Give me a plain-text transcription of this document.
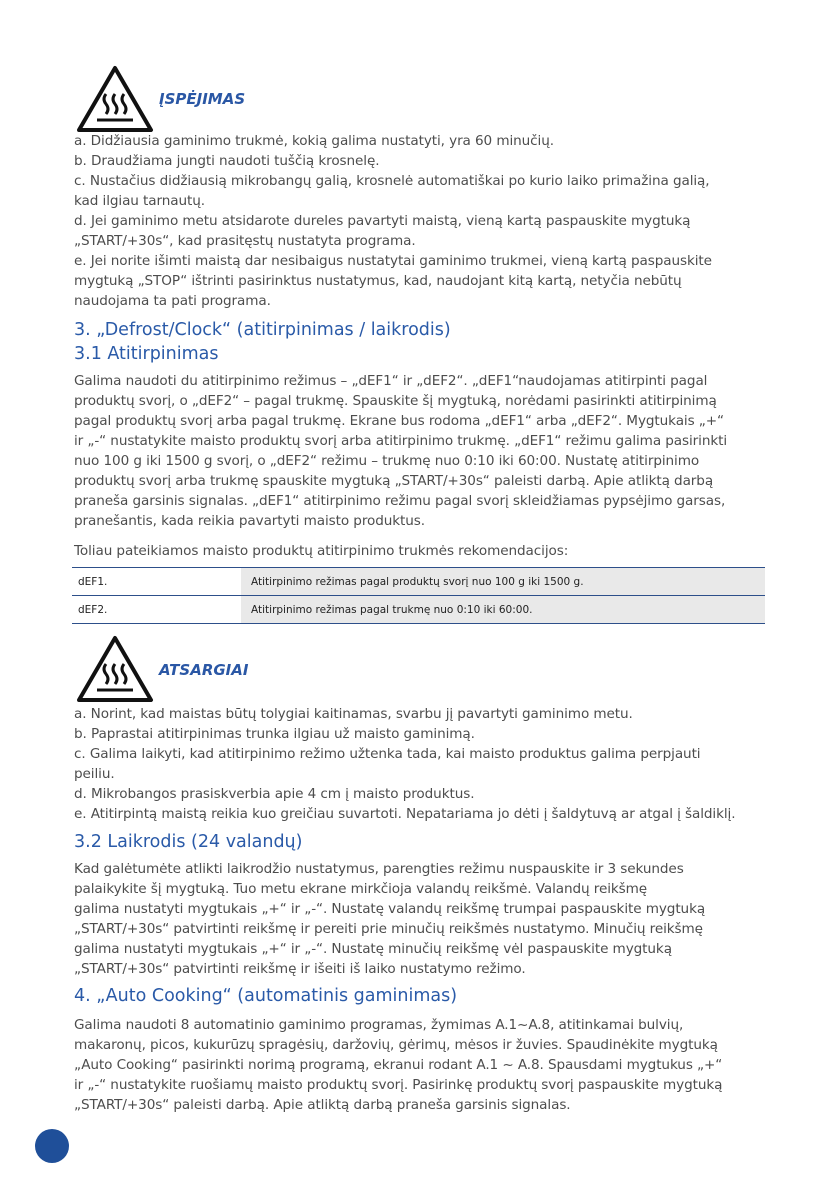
ĮSPĖJIMAS
a. Didžiausia gaminimo trukmė, kokią galima nustatyti, yra 60 minučių.
b. Draudžiama jungti naudoti tuščią krosnelę.
c. Nustačius didžiausią mikrobangų galią, krosnelė automatiškai po kurio laiko primažina galią,
kad ilgiau tarnautų.
d. Jei gaminimo metu atsidarote dureles pavartyti maistą, vieną kartą paspauskite mygtuką
„START/+30s“, kad prasitęstų nustatyta programa.
e. Jei norite išimti maistą dar nesibaigus nustatytai gaminimo trukmei, vieną kartą paspauskite
mygtuką „STOP“ ištrinti pasirinktus nustatymus, kad, naudojant kitą kartą, netyčia nebūtų
naudojama ta pati programa.
3. „Defrost/Clock“ (atitirpinimas / laikrodis)
3.1 Atitirpinimas
Galima naudoti du atitirpinimo režimus – „dEF1“ ir „dEF2“. „dEF1“naudojamas atitirpinti pagal
produktų svorį, o „dEF2“ – pagal trukmę. Spauskite šį mygtuką, norėdami pasirinkti atitirpinimą
pagal produktų svorį arba pagal trukmę. Ekrane bus rodoma „dEF1“ arba „dEF2“. Mygtukais „+“
ir „-“ nustatykite maisto produktų svorį arba atitirpinimo trukmę. „dEF1“ režimu galima pasirinkti
nuo 100 g iki 1500 g svorį, o „dEF2“ režimu – trukmę nuo 0:10 iki 60:00. Nustatę atitirpinimo
produktų svorį arba trukmę spauskite mygtuką „START/+30s“ paleisti darbą. Apie atliktą darbą
praneša garsinis signalas. „dEF1“ atitirpinimo režimu pagal svorį skleidžiamas pypsėjimo garsas,
pranešantis, kada reikia pavartyti maisto produktus.
Toliau pateikiamos maisto produktų atitirpinimo trukmės rekomendacijos:
dEF1.	Atitirpinimo režimas pagal produktų svorį nuo 100 g iki 1500 g.
dEF2.	Atitirpinimo režimas pagal trukmę nuo 0:10 iki 60:00.
ATSARGIAI
a. Norint, kad maistas būtų tolygiai kaitinamas, svarbu jį pavartyti gaminimo metu.
b. Paprastai atitirpinimas trunka ilgiau už maisto gaminimą.
c. Galima laikyti, kad atitirpinimo režimo užtenka tada, kai maisto produktus galima perpjauti
peiliu.
d. Mikrobangos prasiskverbia apie 4 cm į maisto produktus.
e. Atitirpintą maistą reikia kuo greičiau suvartoti. Nepatariama jo dėti į šaldytuvą ar atgal į šaldiklį.
3.2 Laikrodis (24 valandų)
Kad galėtumėte atlikti laikrodžio nustatymus, parengties režimu nuspauskite ir 3 sekundes
palaikykite šį mygtuką. Tuo metu ekrane mirkčioja valandų reikšmė. Valandų reikšmę
galima nustatyti mygtukais „+“ ir „-“. Nustatę valandų reikšmę trumpai paspauskite mygtuką
„START/+30s“ patvirtinti reikšmę ir pereiti prie minučių reikšmės nustatymo. Minučių reikšmę
galima nustatyti mygtukais „+“ ir „-“. Nustatę minučių reikšmę vėl paspauskite mygtuką
„START/+30s“ patvirtinti reikšmę ir išeiti iš laiko nustatymo režimo.
4. „Auto Cooking“ (automatinis gaminimas)
Galima naudoti 8 automatinio gaminimo programas, žymimas A.1~A.8, atitinkamai bulvių,
makaronų, picos, kukurūzų spragėsių, daržovių, gėrimų, mėsos ir žuvies. Spaudinėkite mygtuką
„Auto Cooking“ pasirinkti norimą programą, ekranui rodant A.1 ~ A.8. Spausdami mygtukus „+“
ir „-“ nustatykite ruošiamų maisto produktų svorį. Pasirinkę produktų svorį paspauskite mygtuką
„START/+30s“ paleisti darbą. Apie atliktą darbą praneša garsinis signalas.
